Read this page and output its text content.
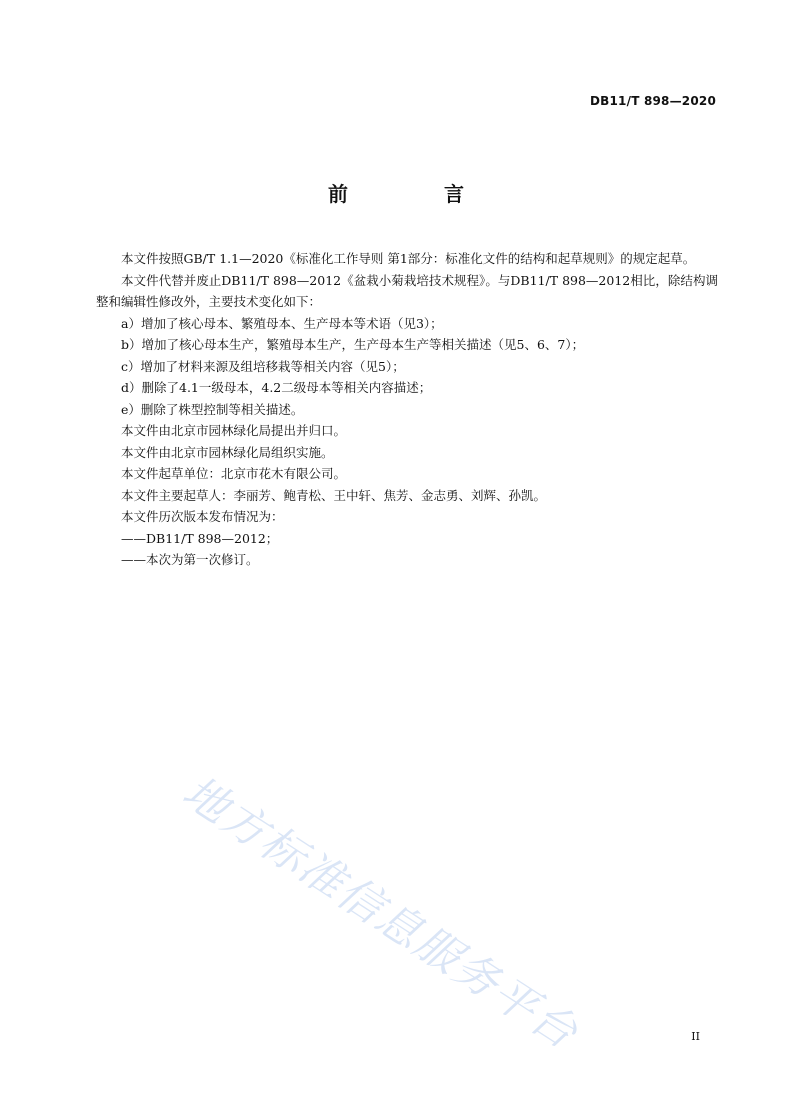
DB11/T 898—2020
前　言

本文件按照GB/T 1.1—2020《标准化工作导则 第1部分：标准化文件的结构和起草规则》的规定起草。

本文件代替并废止DB11/T 898—2012《盆栽小菊栽培技术规程》。与DB11/T 898—2012相比，除结构调整和编辑性修改外，主要技术变化如下：

a）增加了核心母本、繁殖母本、生产母本等术语（见3）；

b）增加了核心母本生产，繁殖母本生产，生产母本生产等相关描述（见5、6、7）；

c）增加了材料来源及组培移栽等相关内容（见5）；

d）删除了4.1一级母本，4.2二级母本等相关内容描述；

e）删除了株型控制等相关描述。

本文件由北京市园林绿化局提出并归口。

本文件由北京市园林绿化局组织实施。

本文件起草单位：北京市花木有限公司。

本文件主要起草人：李丽芳、鲍青松、王中轩、焦芳、金志勇、刘辉、孙凯。

本文件历次版本发布情况为：

——DB11/T 898—2012；

——本次为第一次修订。

地方标准信息服务平台	II
